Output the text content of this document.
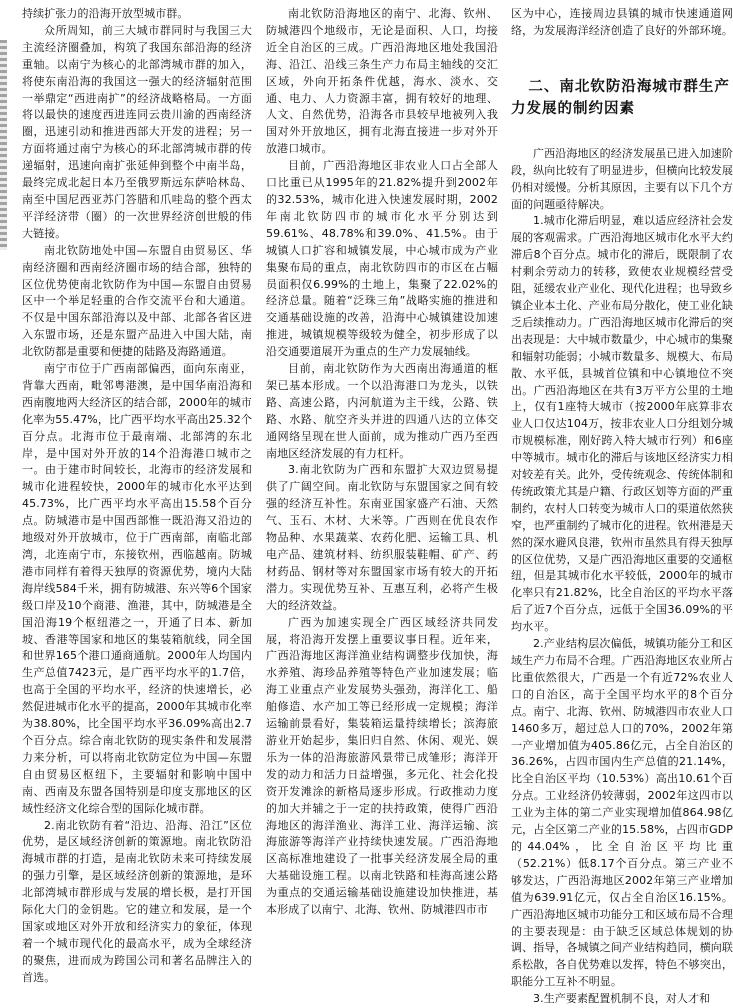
持续扩张力的沿海开放型城市群。

众所周知，前三大城市群同时与我国三大主流经济圈叠加，构筑了我国东部沿海的经济重轴。以南宁为核心的北部湾城市群的加入，将使东南沿海的我国这一强大的经济辐射范围一举鼎定“西进南扩”的经济战略格局。一方面将以最快的速度西进连同云贵川渝的西南经济圈，迅速引动和推进西部大开发的进程；另一方面将通过南宁为核心的环北部湾城市群的传递辐射，迅速向南扩张延伸到整个中南半岛，最终完成北起日本乃至俄罗斯远东萨哈林岛、南至中国尼西亚苏门答腊和爪哇岛的整个西太平洋经济带（圈）的一次世界经济创世般的伟大链接。

南北钦防地处中国—东盟自由贸易区、华南经济圈和西南经济圈市场的结合部，独特的区位优势使南北钦防作为中国—东盟自由贸易区中一个举足轻重的合作交流平台和大通道。不仅是中国东部沿海以及中部、北部各省区进入东盟市场，还是东盟产品进入中国大陆，南北钦防都是重要和便捷的陆路及海路通道。

南宁市位于广西南部偏西，面向东南亚，背靠大西南，毗邻粤港澳，是中国华南沿海和西南腹地两大经济区的结合部，2000年的城市化率为55.47%，比广西平均水平高出25.32个百分点。北海市位于最南端、北部湾的东北岸，是中国对外开放的14个沿海港口城市之一。由于建市时间较长，北海市的经济发展和城市化进程较快，2000年的城市化水平达到45.73%，比广西平均水平高出15.58个百分点。防城港市是中国西部惟一既沿海又沿边的地级对外开放城市，位于广西南部，南临北部湾，北连南宁市，东接钦州，西临越南。防城港市同样有着得天独厚的资源优势，境内大陆海岸线584千米，拥有防城港、东兴等6个国家级口岸及10个商港、渔港，其中，防城港是全国沿海19个枢纽港之一，开通了日本、新加坡、香港等国家和地区的集装箱航线，同全国和世界165个港口通商通航。2000年人均国内生产总值7423元，是广西平均水平的1.7倍，也高于全国的平均水平，经济的快速增长，必然促进城市化水平的提高，2000年其城市化率为38.80%，比全国平均水平36.09%高出2.7个百分点。综合南北钦防的现实条件和发展潜力来分析，可以将南北钦防定位为中国—东盟自由贸易区枢纽下，主要辐射和影响中国中南、西南及东盟各国特别是印度支那地区的区域性经济文化综合型的国际化城市群。

2.南北钦防有着“沿边、沿海、沿江”区位优势，是区域经济创新的策源地。南北钦防沿海城市群的打造，是南北钦防未来可持续发展的强力引擎，是区域经济创新的策源地，是环北部湾城市群形成与发展的增长极，是打开国际化大门的金钥匙。它的建立和发展，是一个国家或地区对外开放和经济实力的象征，体现着一个城市现代化的最高水平，成为全球经济的聚焦，进而成为跨国公司和著名品牌注入的首选。

南北钦防沿海地区的南宁、北海、钦州、防城港四个地级市，无论是面积、人口，均接近全自治区的三成。广西沿海地区地处我国沿海、沿江、沿线三条生产力布局主轴线的交汇区域，外向开拓条件优越，海水、淡水、交通、电力、人力资源丰富，拥有较好的地理、人文、自然优势，沿海各市县较早地被列入我国对外开放地区，拥有北海直接进一步对外开放港口城市。

目前，广西沿海地区非农业人口占全部人口比重已从1995年的21.82%提升到2002年的32.53%，城市化进入快速发展时期，2002年南北钦防四市的城市化水平分别达到59.61%、48.78%和39.0%、41.5%。由于城镇人口扩容和城镇发展，中心城市成为产业集聚布局的重点，南北钦防四市的市区在占幅员面积仅6.99%的土地上，集聚了22.02%的经济总量。随着“泛珠三角”战略实施的推进和交通基础设施的改善，沿海中心城镇建设加速推进，城镇规模等级较为健全，初步形成了以沿交通要道展开为重点的生产力发展轴线。

目前，南北钦防作为大西南出海通道的框架已基本形成。一个以沿海港口为龙头，以铁路、高速公路，内河航道为主干线，公路、铁路、水路、航空齐头并进的四通八达的立体交通网络呈现在世人面前，成为推动广西乃至西南地区经济发展的有力杠杆。

3.南北钦防为广西和东盟扩大双边贸易提供了广阔空间。南北钦防与东盟国家之间有较强的经济互补性。东南亚国家盛产石油、天然气、玉石、木材、大米等。广西则在优良农作物品种、水果蔬菜、农药化肥、运输工具、机电产品、建筑材料、纺织服装鞋帽、矿产、药材药品、钢材等对东盟国家市场有较大的开拓潜力。实现优势互补、互惠互利，必将产生极大的经济效益。

广西为加速实现全广西区域经济共同发展，将沿海开发摆上重要议事日程。近年来，广西沿海地区海洋渔业结构调整步伐加快，海水养殖、海珍品养殖等特色产业加速发展；临海工业重点产业发展势头强劲，海洋化工、船舶修造、水产加工等已经形成一定规模；海洋运输前景看好，集装箱运量持续增长；滨海旅游业开始起步，集旧归自然、休闲、观光、娱乐为一体的沿海旅游风景带已成雏形；海洋开发的动力和活力日益增强，多元化、社会化投资开发滩涂的新格局逐步形成。行政推动力度的加大并辅之于一定的扶持政策，使得广西沿海地区的海洋渔业、海洋工业、海洋运输、滨海旅游等海洋产业持续快速发展。广西沿海地区高标准地建设了一批事关经济发展全局的重大基础设施工程。以南北铁路和桂海高速公路为重点的交通运输基础设施建设加快推进，基本形成了以南宁、北海、钦州、防城港四市市

区为中心，连接周边县镇的城市快速通道网络，为发展海洋经济创造了良好的外部环境。

二、南北钦防沿海城市群生产力发展的制约因素

广西沿海地区的经济发展虽已进入加速阶段，纵向比较有了明显进步，但横向比较发展仍相对缓慢。分析其原因，主要有以下几个方面的问题亟待解决。

1.城市化滞后明显，难以适应经济社会发展的客观需求。广西沿海地区城市化水平大约滞后8个百分点。城市化的滞后，既限制了农村剩余劳动力的转移，致使农业规模经营受阻，延缓农业产业化、现代化进程；也导致乡镇企业本土化、产业布局分散化，使工业化缺乏后续推动力。广西沿海地区城市化滞后的突出表现是：大中城市数量少，中心城市的集聚和辐射功能弱；小城市数量多、规模大、布局散、水平低，县城首位镇和中心镇地位不突出。广西沿海地区在共有3万平方公里的土地上，仅有1座特大城市（按2000年底算非农业人口仅达104万，按非农业人口分组划分城市规模标准，刚好跨入特大城市行列）和6座中等城市。城市化的滞后与该地区经济实力相对较差有关。此外，受传统观念、传统体制和传统政策尤其是户籍、行政区划等方面的严重制约，农村人口转变为城市人口的渠道依然狭窄，也严重制约了城市化的进程。钦州港是天然的深水避风良港，钦州市虽然具有得天独厚的区位优势，又是广西沿海地区重要的交通枢纽，但是其城市化水平较低，2000年的城市化率只有21.82%，比全自治区的平均水平落后了近7个百分点，远低于全国36.09%的平均水平。

2.产业结构层次偏低，城镇功能分工和区域生产力布局不合理。广西沿海地区农业所占比重依然很大，广西是一个有近72%农业人口的自治区，高于全国平均水平的8个百分点。南宁、北海、钦州、防城港四市农业人口1460多万，超过总人口的70%，2002年第一产业增加值为405.86亿元，占全自治区的36.26%，占四市国内生产总值的21.14%，比全自治区平均（10.53%）高出10.61个百分点。工业经济仍较薄弱，2002年这四市以工业为主体的第二产业实现增加值864.98亿元，占全区第二产业的15.58%，占四市GDP的44.04%，比全自治区平均比重（52.21%）低8.17个百分点。第三产业不够发达，广西沿海地区2002年第三产业增加值为639.91亿元，仅占全自治区16.15%。广西沿海地区城市功能分工和区域布局不合理的主要表现是：由于缺乏区域总体规划的协调、指导，各城镇之间产业结构趋同，横向联系松散，各自优势难以发挥，特色不够突出，职能分工互补不明显。

3.生产要素配置机制不良，对人才和
